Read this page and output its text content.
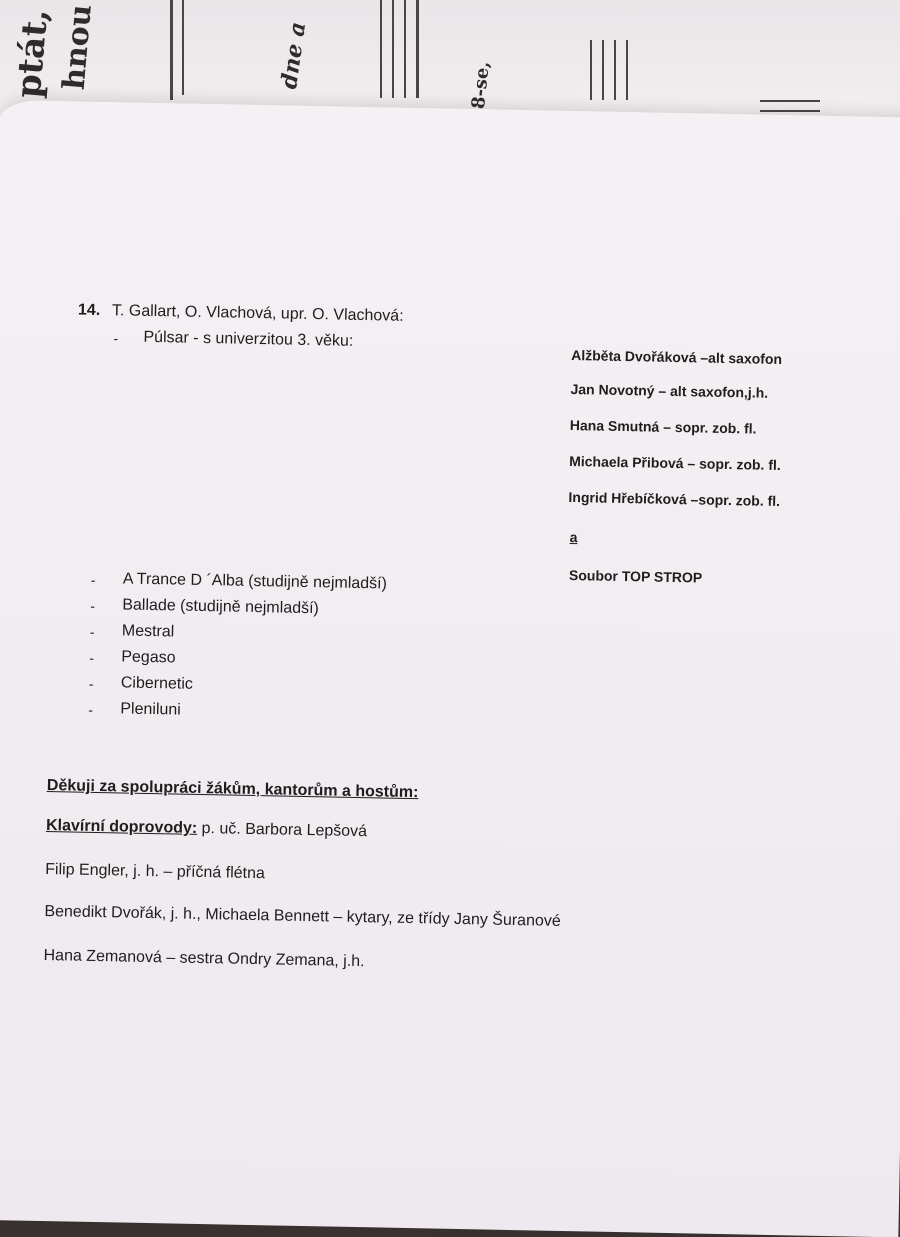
ptát, hnou	dne a	8-se,
14. T. Gallart, O. Vlachová, upr. O. Vlachová:
- Púlsar - s univerzitou 3. věku:
Alžběta Dvořáková –alt saxofon
Jan Novotný – alt saxofon,j.h.
Hana Smutná – sopr. zob. fl.
Michaela Přibová – sopr. zob. fl.
Ingrid Hřebíčková –sopr. zob. fl.
a
Soubor TOP STROP
- A Trance D ´Alba (studijně nejmladší)
- Ballade (studijně nejmladší)
- Mestral
- Pegaso
- Cibernetic
- Pleniluni
Děkuji za spolupráci žákům, kantorům a hostům:
Klavírní doprovody: p. uč. Barbora Lepšová
Filip Engler, j. h. – příčná flétna
Benedikt Dvořák, j. h., Michaela Bennett – kytary, ze třídy Jany Šuranové
Hana Zemanová – sestra Ondry Zemana, j.h.
